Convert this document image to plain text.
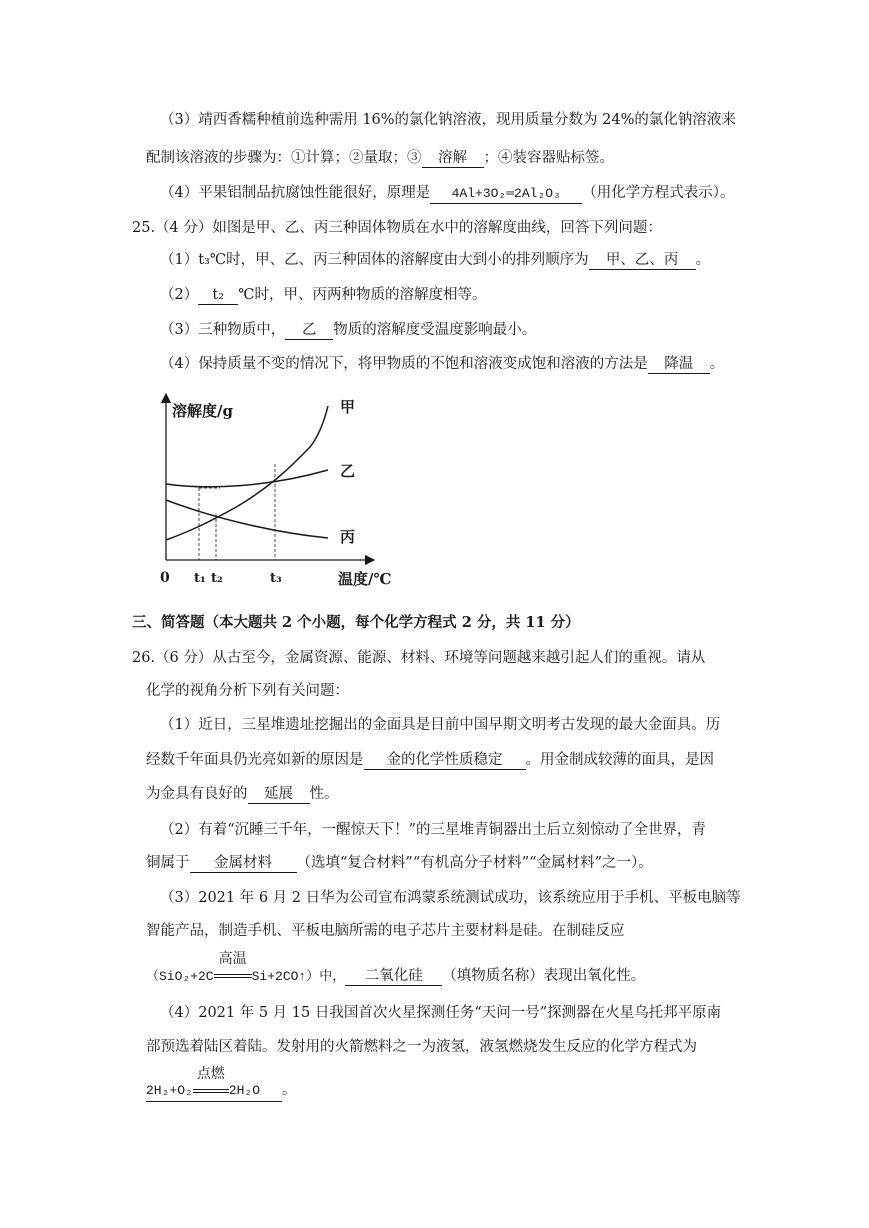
（3）靖西香糯种植前选种需用 16%的氯化钠溶液，现用质量分数为 24%的氯化钠溶液来
配制该溶液的步骤为：①计算；②量取；③ 溶解 ；④装容器贴标签。
（4）平果铝制品抗腐蚀性能很好，原理是 4Al+3O₂═2Al₂O₃ （用化学方程式表示）。
25.（4 分）如图是甲、乙、丙三种固体物质在水中的溶解度曲线，回答下列问题：
（1）t₃℃时，甲、乙、丙三种固体的溶解度由大到小的排列顺序为 甲、乙、丙 。
（2） t₂ ℃时，甲、丙两种物质的溶解度相等。
（3）三种物质中， 乙 物质的溶解度受温度影响最小。
（4）保持质量不变的情况下，将甲物质的不饱和溶液变成饱和溶液的方法是 降温 。
溶解度/g
温度/℃
0 t₁ t₂	t₃
甲
乙
丙
三、简答题（本大题共 2 个小题，每个化学方程式 2 分，共 11 分）
26.（6 分）从古至今，金属资源、能源、材料、环境等问题越来越引起人们的重视。请从
化学的视角分析下列有关问题：
（1）近日，三星堆遗址挖掘出的金面具是目前中国早期文明考古发现的最大金面具。历
经数千年面具仍光亮如新的原因是 金的化学性质稳定 。用金制成较薄的面具，是因
为金具有良好的 延展 性。
（2）有着“沉睡三千年，一醒惊天下！”的三星堆青铜器出土后立刻惊动了全世界，青
铜属于 金属材料 （选填“复合材料”“有机高分子材料”“金属材料”之一）。
（3）2021 年 6 月 2 日华为公司宣布鸿蒙系统测试成功，该系统应用于手机、平板电脑等
智能产品，制造手机、平板电脑所需的电子芯片主要材料是硅。在制硅反应
（SiO₂+2C
高温
Si+2CO↑）中， 二氧化硅 （填物质名称）表现出氧化性。
（4）2021 年 5 月 15 日我国首次火星探测任务“天问一号”探测器在火星乌托邦平原南
部预选着陆区着陆。发射用的火箭燃料之一为液氢，液氢燃烧发生反应的化学方程式为
2H₂+O₂
点燃
2H₂O 。
